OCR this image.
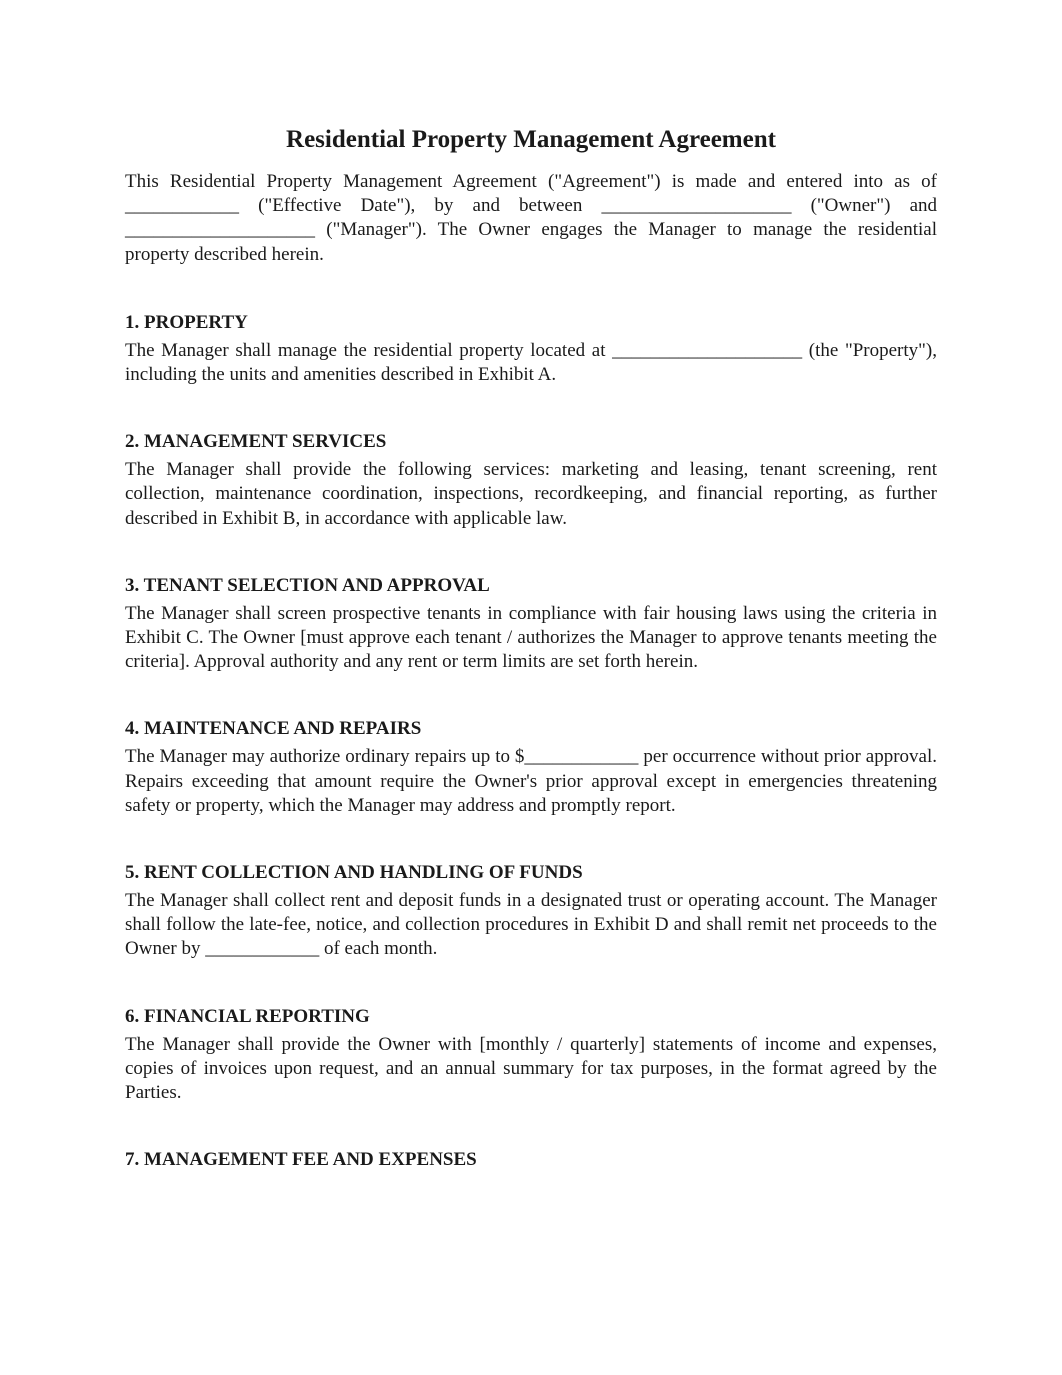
Residential Property Management Agreement

This Residential Property Management Agreement ("Agreement") is made and entered into as of ____________ ("Effective Date"), by and between ____________________ ("Owner") and ____________________ ("Manager"). The Owner engages the Manager to manage the residential property described herein.

1. PROPERTY

The Manager shall manage the residential property located at ____________________ (the "Property"), including the units and amenities described in Exhibit A.

2. MANAGEMENT SERVICES

The Manager shall provide the following services: marketing and leasing, tenant screening, rent collection, maintenance coordination, inspections, recordkeeping, and financial reporting, as further described in Exhibit B, in accordance with applicable law.

3. TENANT SELECTION AND APPROVAL

The Manager shall screen prospective tenants in compliance with fair housing laws using the criteria in Exhibit C. The Owner [must approve each tenant / authorizes the Manager to approve tenants meeting the criteria]. Approval authority and any rent or term limits are set forth herein.

4. MAINTENANCE AND REPAIRS

The Manager may authorize ordinary repairs up to $____________ per occurrence without prior approval. Repairs exceeding that amount require the Owner's prior approval except in emergencies threatening safety or property, which the Manager may address and promptly report.

5. RENT COLLECTION AND HANDLING OF FUNDS

The Manager shall collect rent and deposit funds in a designated trust or operating account. The Manager shall follow the late-fee, notice, and collection procedures in Exhibit D and shall remit net proceeds to the Owner by ____________ of each month.

6. FINANCIAL REPORTING

The Manager shall provide the Owner with [monthly / quarterly] statements of income and expenses, copies of invoices upon request, and an annual summary for tax purposes, in the format agreed by the Parties.

7. MANAGEMENT FEE AND EXPENSES
